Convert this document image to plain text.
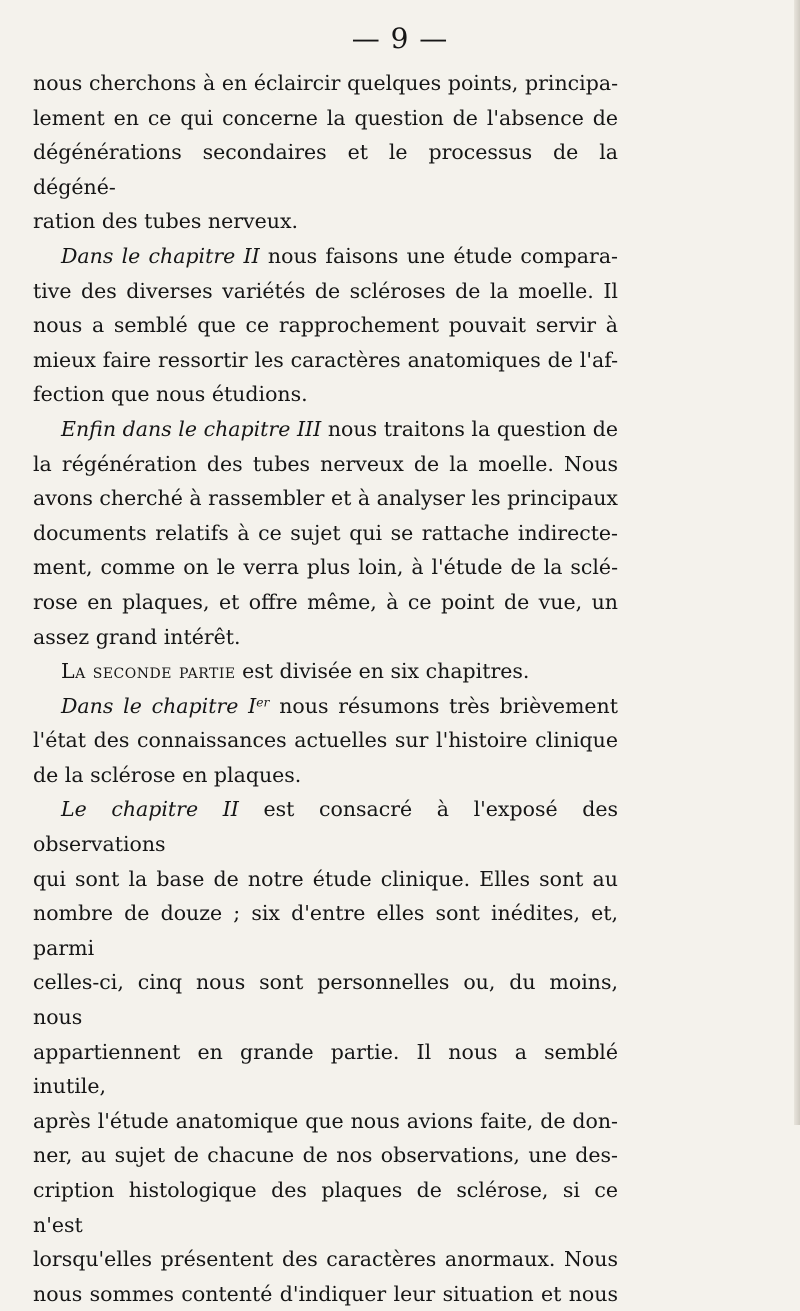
— 9 —

nous cherchons à en éclaircir quelques points, principa-

lement en ce qui concerne la question de l'absence de

dégénérations secondaires et le processus de la dégéné-

ration des tubes nerveux.

Dans le chapitre II nous faisons une étude compara-

tive des diverses variétés de scléroses de la moelle. Il

nous a semblé que ce rapprochement pouvait servir à

mieux faire ressortir les caractères anatomiques de l'af-

fection que nous étudions.

Enfin dans le chapitre III nous traitons la question de

la régénération des tubes nerveux de la moelle. Nous

avons cherché à rassembler et à analyser les principaux

documents relatifs à ce sujet qui se rattache indirecte-

ment, comme on le verra plus loin, à l'étude de la sclé-

rose en plaques, et offre même, à ce point de vue, un

assez grand intérêt.

La seconde partie est divisée en six chapitres.

Dans le chapitre Ier nous résumons très brièvement

l'état des connaissances actuelles sur l'histoire clinique

de la sclérose en plaques.

Le chapitre II est consacré à l'exposé des observations

qui sont la base de notre étude clinique. Elles sont au

nombre de douze ; six d'entre elles sont inédites, et, parmi

celles-ci, cinq nous sont personnelles ou, du moins, nous

appartiennent en grande partie. Il nous a semblé inutile,

après l'étude anatomique que nous avions faite, de don-

ner, au sujet de chacune de nos observations, une des-

cription histologique des plaques de sclérose, si ce n'est

lorsqu'elles présentent des caractères anormaux. Nous

nous sommes contenté d'indiquer leur situation et nous
